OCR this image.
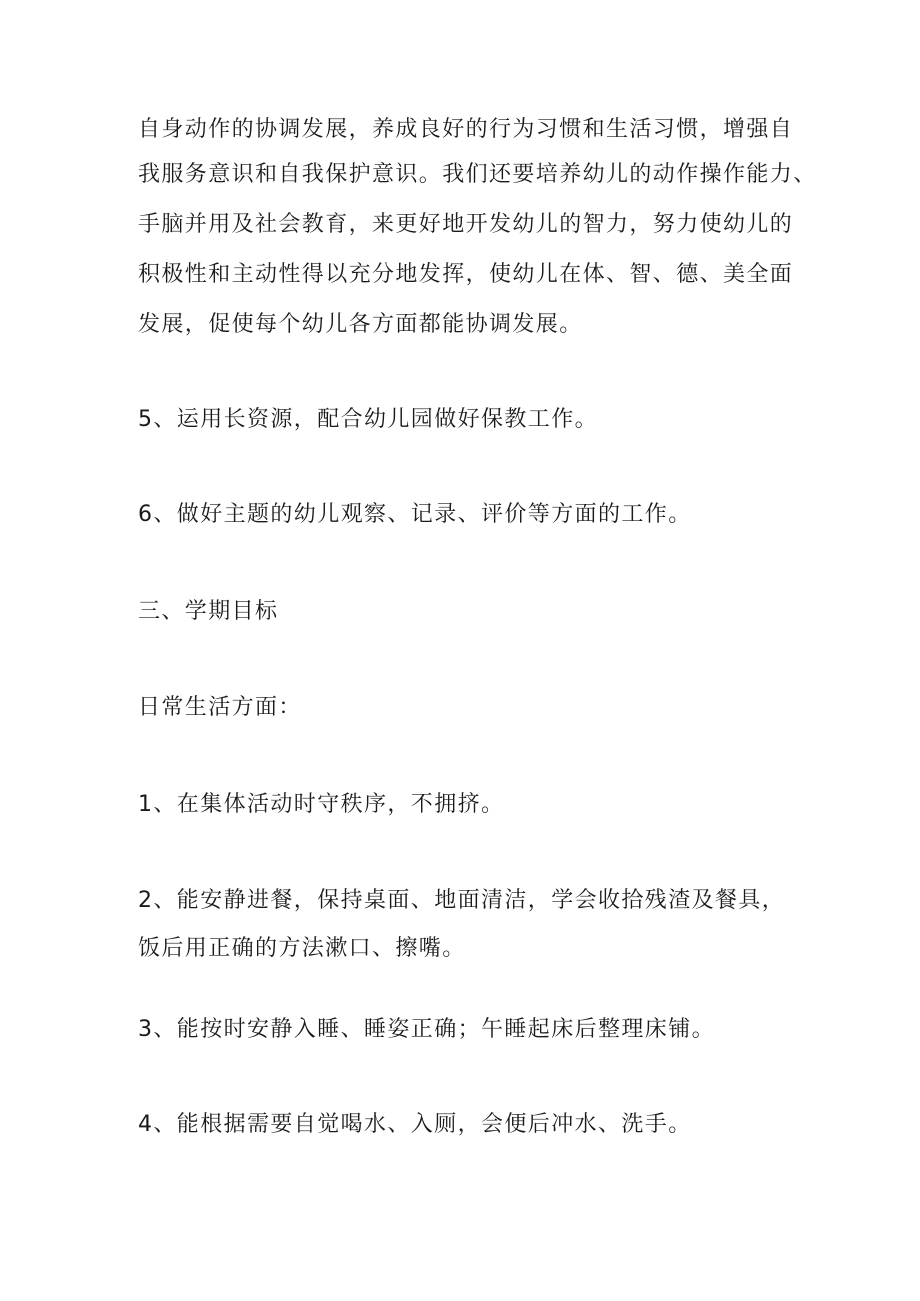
自身动作的协调发展，养成良好的行为习惯和生活习惯，增强自
我服务意识和自我保护意识。我们还要培养幼儿的动作操作能力、
手脑并用及社会教育，来更好地开发幼儿的智力，努力使幼儿的
积极性和主动性得以充分地发挥，使幼儿在体、智、德、美全面
发展，促使每个幼儿各方面都能协调发展。
5、运用长资源，配合幼儿园做好保教工作。
6、做好主题的幼儿观察、记录、评价等方面的工作。
三、学期目标
日常生活方面：
1、在集体活动时守秩序，不拥挤。
2、能安静进餐，保持桌面、地面清洁，学会收拾残渣及餐具，
饭后用正确的方法漱口、擦嘴。
3、能按时安静入睡、睡姿正确；午睡起床后整理床铺。
4、能根据需要自觉喝水、入厕，会便后冲水、洗手。
